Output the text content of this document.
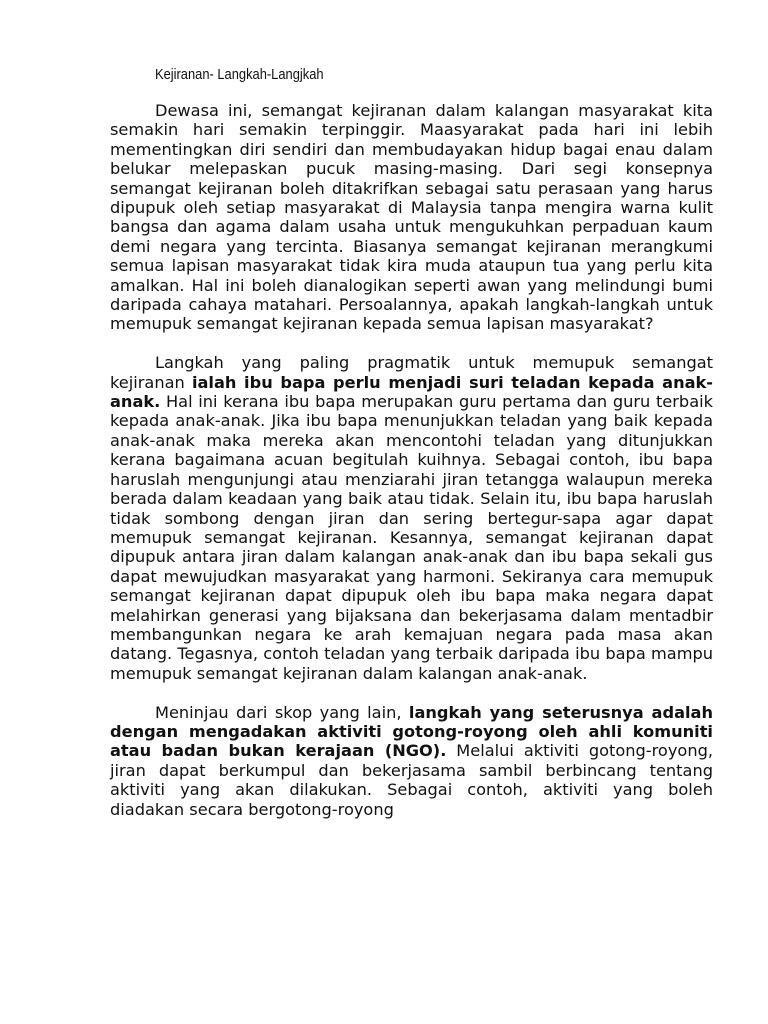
Kejiranan- Langkah-Langjkah

Dewasa ini, semangat kejiranan dalam kalangan masyarakat kita semakin hari semakin terpinggir. Maasyarakat pada hari ini lebih mementingkan diri sendiri dan membudayakan hidup bagai enau dalam belukar melepaskan pucuk masing-masing. Dari segi konsepnya semangat kejiranan boleh ditakrifkan sebagai satu perasaan yang harus dipupuk oleh setiap masyarakat di Malaysia tanpa mengira warna kulit bangsa dan agama dalam usaha untuk mengukuhkan perpaduan kaum demi negara yang tercinta. Biasanya semangat kejiranan merangkumi semua lapisan masyarakat tidak kira muda ataupun tua yang perlu kita amalkan. Hal ini boleh dianalogikan seperti awan yang melindungi bumi daripada cahaya matahari. Persoalannya, apakah langkah-langkah untuk memupuk semangat kejiranan kepada semua lapisan masyarakat?

Langkah yang paling pragmatik untuk memupuk semangat kejiranan ialah ibu bapa perlu menjadi suri teladan kepada anak-anak. Hal ini kerana ibu bapa merupakan guru pertama dan guru terbaik kepada anak-anak. Jika ibu bapa menunjukkan teladan yang baik kepada anak-anak maka mereka akan mencontohi teladan yang ditunjukkan kerana bagaimana acuan begitulah kuihnya. Sebagai contoh, ibu bapa haruslah mengunjungi atau menziarahi jiran tetangga walaupun mereka berada dalam keadaan yang baik atau tidak. Selain itu, ibu bapa haruslah tidak sombong dengan jiran dan sering bertegur-sapa agar dapat memupuk semangat kejiranan. Kesannya, semangat kejiranan dapat dipupuk antara jiran dalam kalangan anak-anak dan ibu bapa sekali gus dapat mewujudkan masyarakat yang harmoni. Sekiranya cara memupuk semangat kejiranan dapat dipupuk oleh ibu bapa maka negara dapat melahirkan generasi yang bijaksana dan bekerjasama dalam mentadbir membangunkan negara ke arah kemajuan negara pada masa akan datang. Tegasnya, contoh teladan yang terbaik daripada ibu bapa mampu memupuk semangat kejiranan dalam kalangan anak-anak.

Meninjau dari skop yang lain, langkah yang seterusnya adalah dengan mengadakan aktiviti gotong-royong oleh ahli komuniti atau badan bukan kerajaan (NGO). Melalui aktiviti gotong-royong, jiran dapat berkumpul dan bekerjasama sambil berbincang tentang aktiviti yang akan dilakukan. Sebagai contoh, aktiviti yang boleh diadakan secara bergotong-royong
